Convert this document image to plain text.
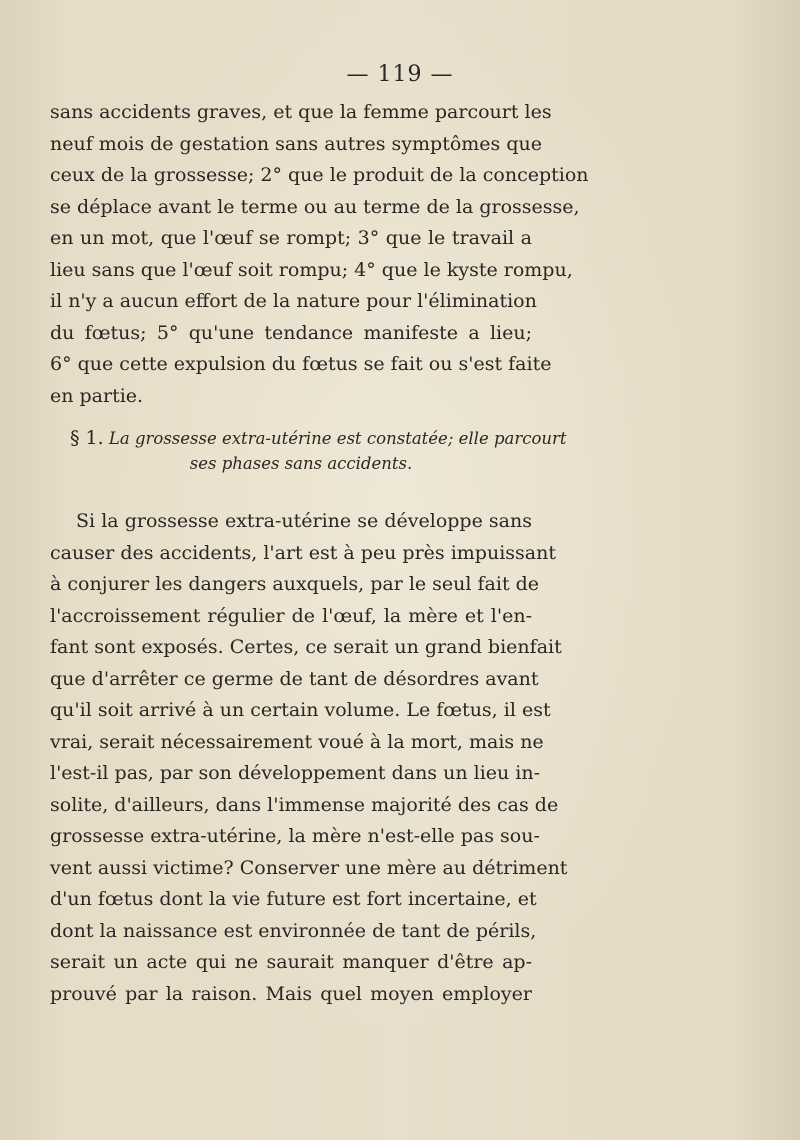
— 119 —
sans accidents graves, et que la femme parcourt les
neuf mois de gestation sans autres symptômes que
ceux de la grossesse; 2° que le produit de la conception
se déplace avant le terme ou au terme de la grossesse,
en un mot, que l'œuf se rompt; 3° que le travail a
lieu sans que l'œuf soit rompu; 4° que le kyste rompu,
il n'y a aucun effort de la nature pour l'élimination
du fœtus; 5° qu'une tendance manifeste a lieu;
6° que cette expulsion du fœtus se fait ou s'est faite
en partie.
§ 1. La grossesse extra-utérine est constatée; elle parcourt
ses phases sans accidents.
Si la grossesse extra-utérine se développe sans
causer des accidents, l'art est à peu près impuissant
à conjurer les dangers auxquels, par le seul fait de
l'accroissement régulier de l'œuf, la mère et l'en-
fant sont exposés. Certes, ce serait un grand bienfait
que d'arrêter ce germe de tant de désordres avant
qu'il soit arrivé à un certain volume. Le fœtus, il est
vrai, serait nécessairement voué à la mort, mais ne
l'est-il pas, par son développement dans un lieu in-
solite, d'ailleurs, dans l'immense majorité des cas de
grossesse extra-utérine, la mère n'est-elle pas sou-
vent aussi victime? Conserver une mère au détriment
d'un fœtus dont la vie future est fort incertaine, et
dont la naissance est environnée de tant de périls,
serait un acte qui ne saurait manquer d'être ap-
prouvé par la raison. Mais quel moyen employer
